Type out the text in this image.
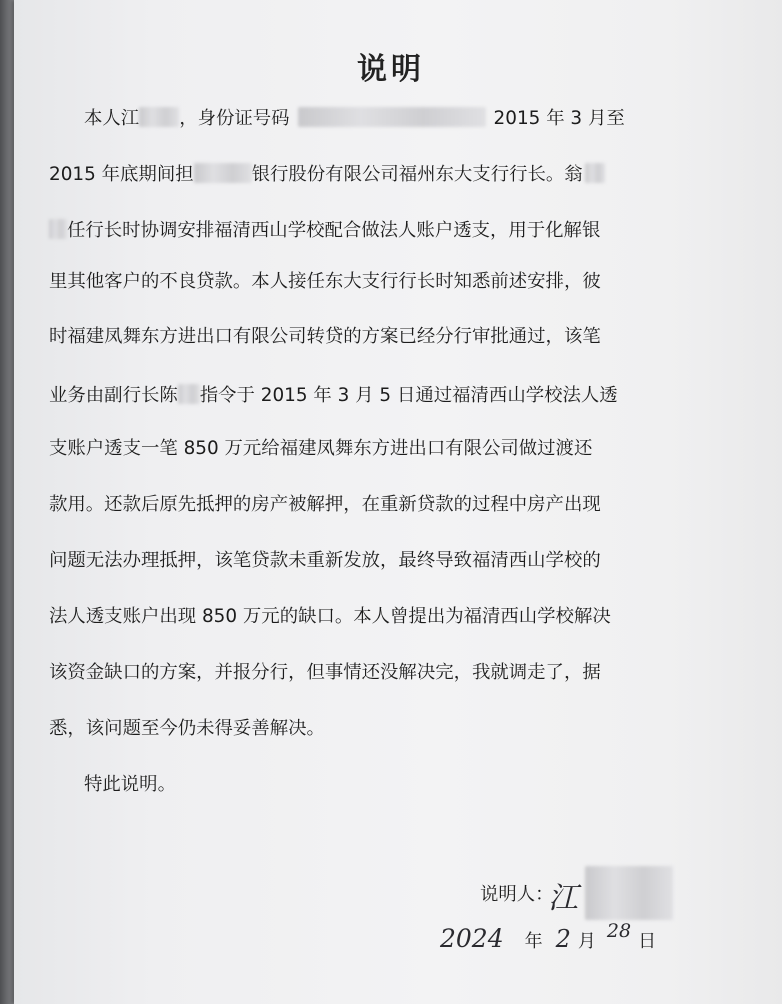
说明
本人江 ，身份证号码	2015 年 3 月至
2015 年底期间担	银行股份有限公司福州东大支行行长。翁
任行长时协调安排福清西山学校配合做法人账户透支，用于化解银
里其他客户的不良贷款。本人接任东大支行行长时知悉前述安排，彼
时福建凤舞东方进出口有限公司转贷的方案已经分行审批通过，该笔
业务由副行长陈 指令于 2015 年 3 月 5 日通过福清西山学校法人透
支账户透支一笔 850 万元给福建凤舞东方进出口有限公司做过渡还
款用。还款后原先抵押的房产被解押，在重新贷款的过程中房产出现
问题无法办理抵押，该笔贷款未重新发放，最终导致福清西山学校的
法人透支账户出现 850 万元的缺口。本人曾提出为福清西山学校解决
该资金缺口的方案，并报分行，但事情还没解决完，我就调走了，据
悉，该问题至今仍未得妥善解决。
特此说明。
说明人：
江
2024 年 2 月 28 日
